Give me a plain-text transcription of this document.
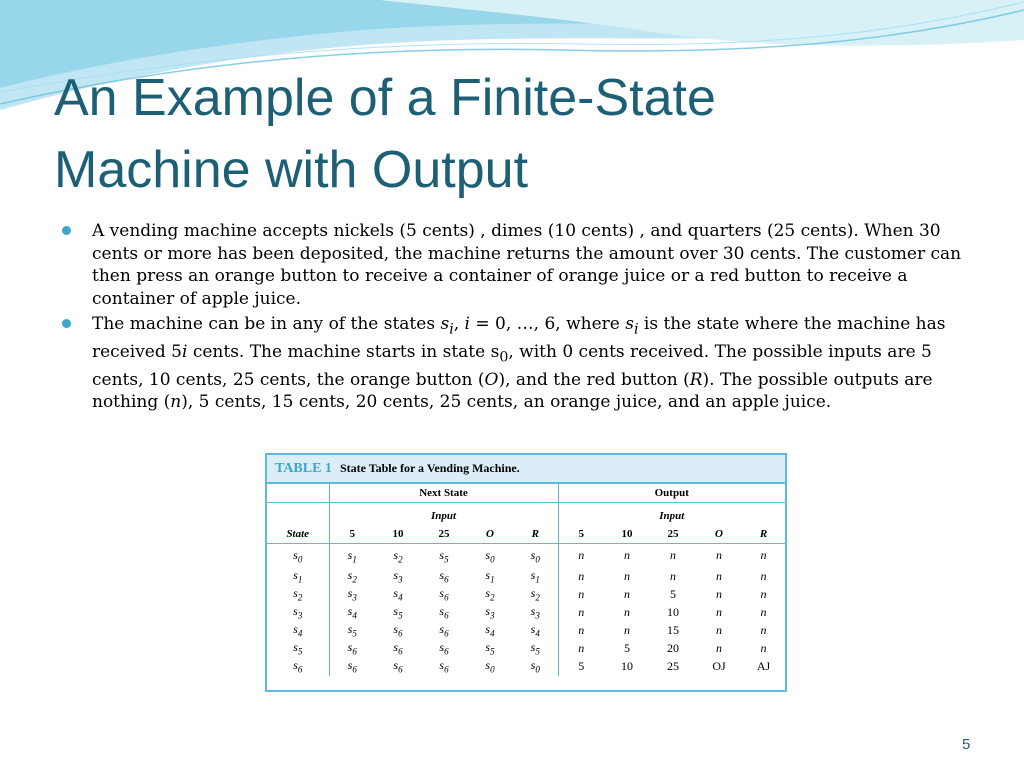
An Example of a Finite-State
Machine with Output
A vending machine accepts nickels (5 cents) , dimes (10 cents) , and quarters (25 cents). When 30 cents or more has been deposited, the machine returns the amount over 30 cents. The customer can then press an orange button to receive a container of orange juice or a red button to receive a container of apple juice.
The machine can be in any of the states $s_i$, i = 0, …, 6, where $s_i$ is the state where the machine has received 5i cents. The machine starts in state $s_0$, with 0 cents received. The possible inputs are 5 cents, 10 cents, 25 cents, the orange button (O), and the red button (R). The possible outputs are nothing (n), 5 cents, 15 cents, 20 cents, 25 cents, an orange juice, and an apple juice.
TABLE 1 State Table for a Vending Machine.
	Next State					Output				
	Input					Input				
State	5	10	25	O	R	5	10	25	O	R
$s_0$	$s_1$	$s_2$	$s_5$	$s_0$	$s_0$	n	n	n	n	n
$s_1$	$s_2$	$s_3$	$s_6$	$s_1$	$s_1$	n	n	n	n	n
$s_2$	$s_3$	$s_4$	$s_6$	$s_2$	$s_2$	n	n	5	n	n
$s_3$	$s_4$	$s_5$	$s_6$	$s_3$	$s_3$	n	n	10	n	n
$s_4$	$s_5$	$s_6$	$s_6$	$s_4$	$s_4$	n	n	15	n	n
$s_5$	$s_6$	$s_6$	$s_6$	$s_5$	$s_5$	n	5	20	n	n
$s_6$	$s_6$	$s_6$	$s_6$	$s_0$	$s_0$	5	10	25	OJ	AJ
5
